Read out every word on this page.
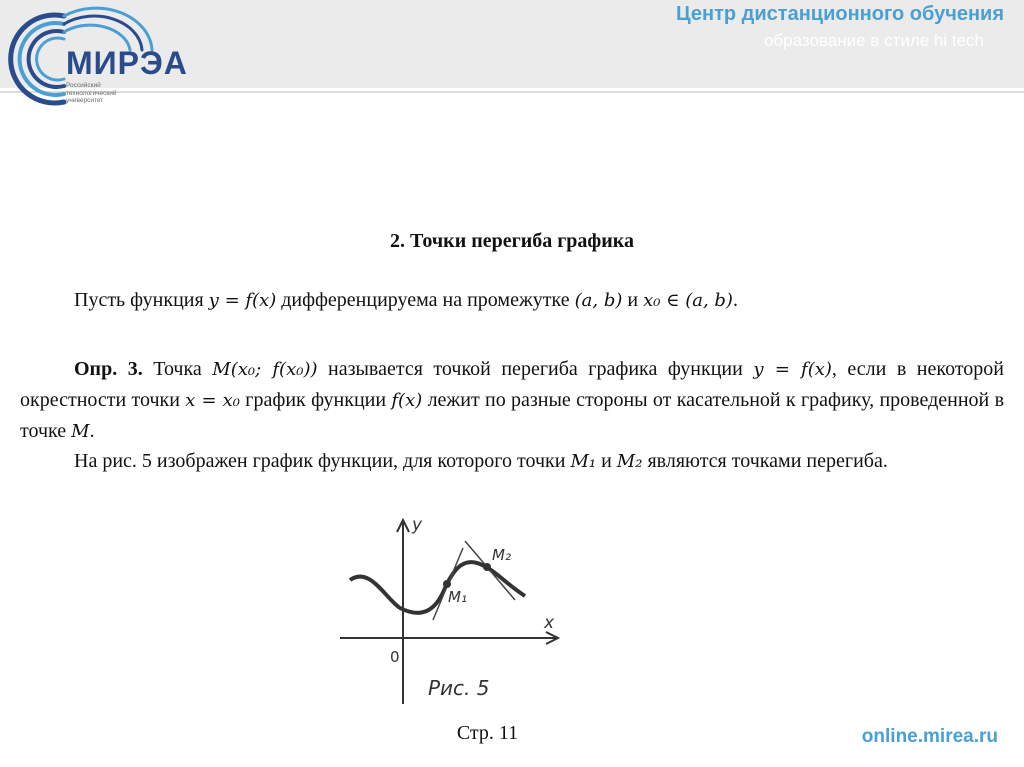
МИРЭА
Российский технологический университет
Центр дистанционного обучения
образование в стиле hi tech
2. Точки перегиба графика
Пусть функция y = f(x) дифференцируема на промежутке (a, b) и x₀ ∈ (a, b).
Опр. 3. Точка M(x₀; f(x₀)) называется точкой перегиба графика функции y = f(x), если в некоторой окрестности точки x = x₀ график функции f(x) лежит по разные стороны от касательной к графику, проведенной в точке M.
На рис. 5 изображен график функции, для которого точки M₁ и M₂ являются точками перегиба.
y
x
0
M₁
M₂
Рис. 5
Стр. 11	online.mirea.ru
